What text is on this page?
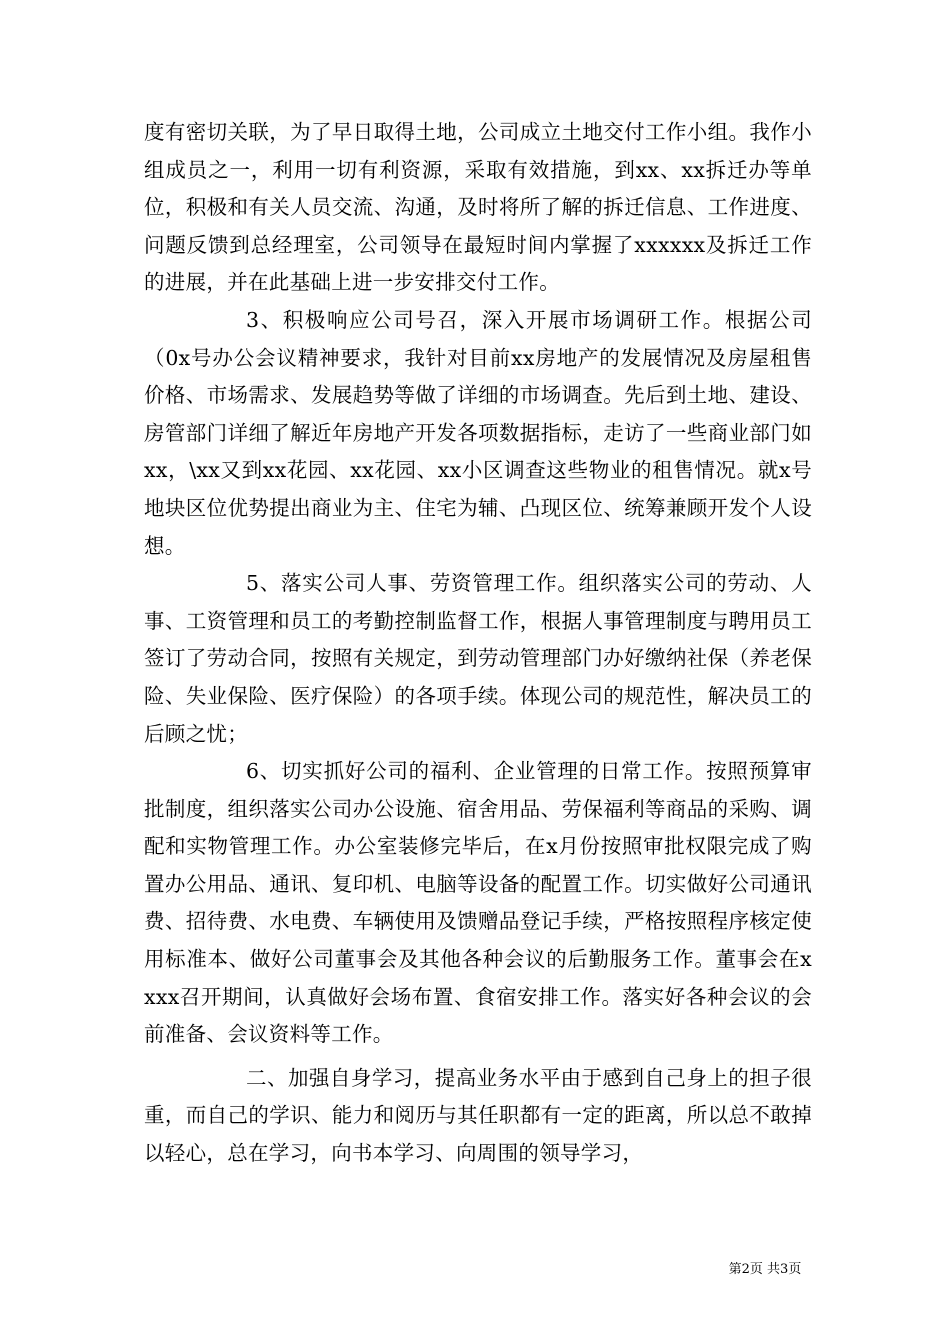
度有密切关联，为了早日取得土地，公司成立土地交付工作小组。我作小组成员之一，利用一切有利资源，采取有效措施，到xx、xx拆迁办等单位，积极和有关人员交流、沟通，及时将所了解的拆迁信息、工作进度、问题反馈到总经理室，公司领导在最短时间内掌握了xxxxxx及拆迁工作的进展，并在此基础上进一步安排交付工作。

3、积极响应公司号召，深入开展市场调研工作。根据公司（0x号办公会议精神要求，我针对目前xx房地产的发展情况及房屋租售价格、市场需求、发展趋势等做了详细的市场调查。先后到土地、建设、房管部门详细了解近年房地产开发各项数据指标，走访了一些商业部门如xx，\xx又到xx花园、xx花园、xx小区调查这些物业的租售情况。就x号地块区位优势提出商业为主、住宅为辅、凸现区位、统筹兼顾开发个人设想。

5、落实公司人事、劳资管理工作。组织落实公司的劳动、人事、工资管理和员工的考勤控制监督工作，根据人事管理制度与聘用员工签订了劳动合同，按照有关规定，到劳动管理部门办好缴纳社保（养老保险、失业保险、医疗保险）的各项手续。体现公司的规范性，解决员工的后顾之忧；

6、切实抓好公司的福利、企业管理的日常工作。按照预算审批制度，组织落实公司办公设施、宿舍用品、劳保福利等商品的采购、调配和实物管理工作。办公室装修完毕后，在x月份按照审批权限完成了购置办公用品、通讯、复印机、电脑等设备的配置工作。切实做好公司通讯费、招待费、水电费、车辆使用及馈赠品登记手续，严格按照程序核定使用标准本、做好公司董事会及其他各种会议的后勤服务工作。董事会在xxxx召开期间，认真做好会场布置、食宿安排工作。落实好各种会议的会前准备、会议资料等工作。

二、加强自身学习，提高业务水平由于感到自己身上的担子很重，而自己的学识、能力和阅历与其任职都有一定的距离，所以总不敢掉以轻心，总在学习，向书本学习、向周围的领导学习，

第2页 共3页
